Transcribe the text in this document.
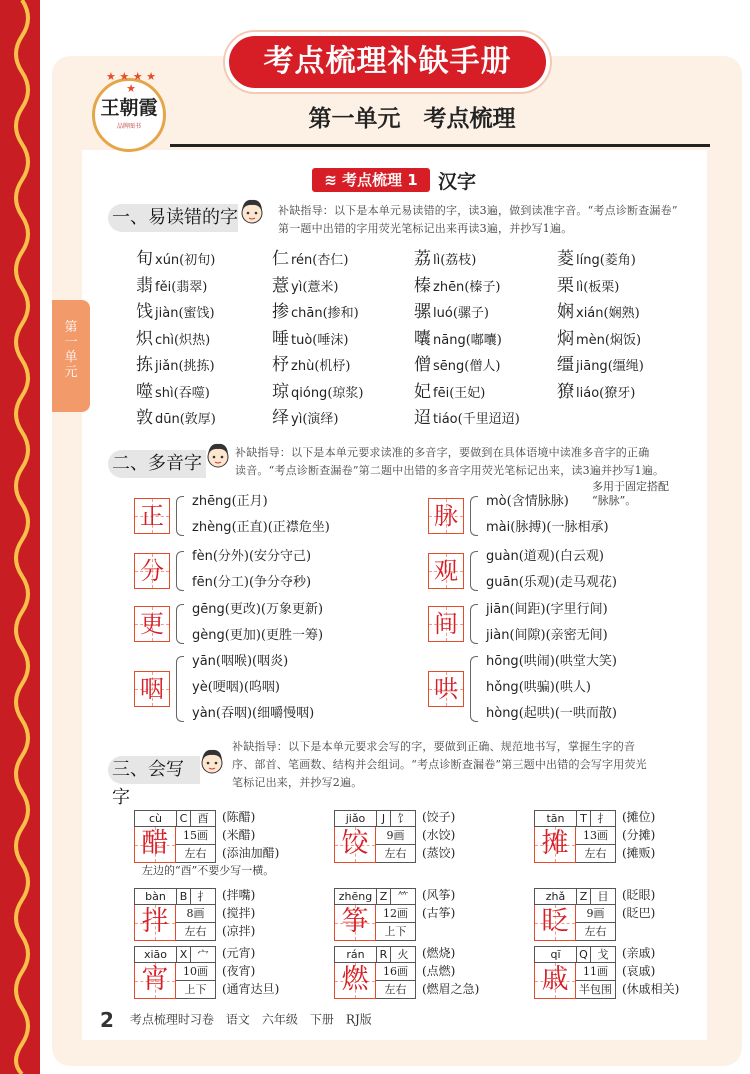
考点梳理补缺手册
★ ★ ★ ★ ★
王朝霞
品牌图书	第一单元　考点梳理
第
一
单
元
≋ 考点梳理 1	汉字
一、易读错的字	补缺指导：以下是本单元易读错的字，读3遍，做到读准字音。“考点诊断查漏卷”
第一题中出错的字用荧光笔标记出来再读3遍，并抄写1遍。
旬 xún(初旬)	仁 rén(杏仁)	荔 lì(荔枝)	菱 líng(菱角)
翡 fěi(翡翠)	薏 yì(薏米)	榛 zhēn(榛子)	栗 lì(板栗)
饯 jiàn(蜜饯)	掺 chān(掺和)	骡 luó(骡子)	娴 xián(娴熟)
炽 chì(炽热)	唾 tuò(唾沫)	囔 nāng(嘟囔)	焖 mèn(焖饭)
拣 jiǎn(挑拣)	杼 zhù(机杼)	僧 sēng(僧人)	缰 jiāng(缰绳)
噬 shì(吞噬)	琼 qióng(琼浆)	妃 fēi(王妃)	獠 liáo(獠牙)
敦 dūn(敦厚)	绎 yì(演绎)	迢 tiáo(千里迢迢)
二、多音字
补缺指导：以下是本单元要求读准的多音字，要做到在具体语境中读准多音字的正确
读音。“考点诊断查漏卷”第二题中出错的多音字用荧光笔标记出来，读3遍并抄写1遍。
多用于固定搭配
“脉脉”。
正
zhēng(正月)
zhèng(正直)(正襟危坐)
分
fèn(分外)(安分守己)
fēn(分工)(争分夺秒)
更
gēng(更改)(万象更新)
gèng(更加)(更胜一筹)
咽
yān(咽喉)(咽炎)
yè(哽咽)(呜咽)
yàn(吞咽)(细嚼慢咽)
脉
mò(含情脉脉)
mài(脉搏)(一脉相承)
观
guàn(道观)(白云观)
guān(乐观)(走马观花)
间
jiān(间距)(字里行间)
jiàn(间隙)(亲密无间)
哄
hōng(哄闹)(哄堂大笑)
hǒng(哄骗)(哄人)
hòng(起哄)(一哄而散)
三、会写字
补缺指导：以下是本单元要求会写的字，要做到正确、规范地书写，掌握生字的音
序、部首、笔画数、结构并会组词。“考点诊断查漏卷”第三题中出错的会写字用荧光
笔标记出来，并抄写2遍。
左边的“酉”不要少写一横。
cù	C 酉
醋	15画
左右
(陈醋)
(米醋)
(添油加醋)
jiǎo	J	饣
饺	9画
左右
(饺子)
(水饺)
(蒸饺)
tān	T 扌
摊	13画
左右
(摊位)
(分摊)
(摊贩)
bàn	B 扌
拌	8画
左右
(拌嘴)
(搅拌)
(凉拌)
zhēng Z ⺮
筝	12画
上下
(风筝)
(古筝)
zhǎ	Z 目
眨	9画
左右
(眨眼)
(眨巴)
xiāo	X 宀
宵	10画
上下
(元宵)
(夜宵)
(通宵达旦)
rán	R 火
燃	16画
左右
(燃烧)
(点燃)
(燃眉之急)
qī	Q 戈
戚	11画
半包围
(亲戚)
(哀戚)
(休戚相关)
2 考点梳理时习卷　语文　六年级　下册　RJ版
